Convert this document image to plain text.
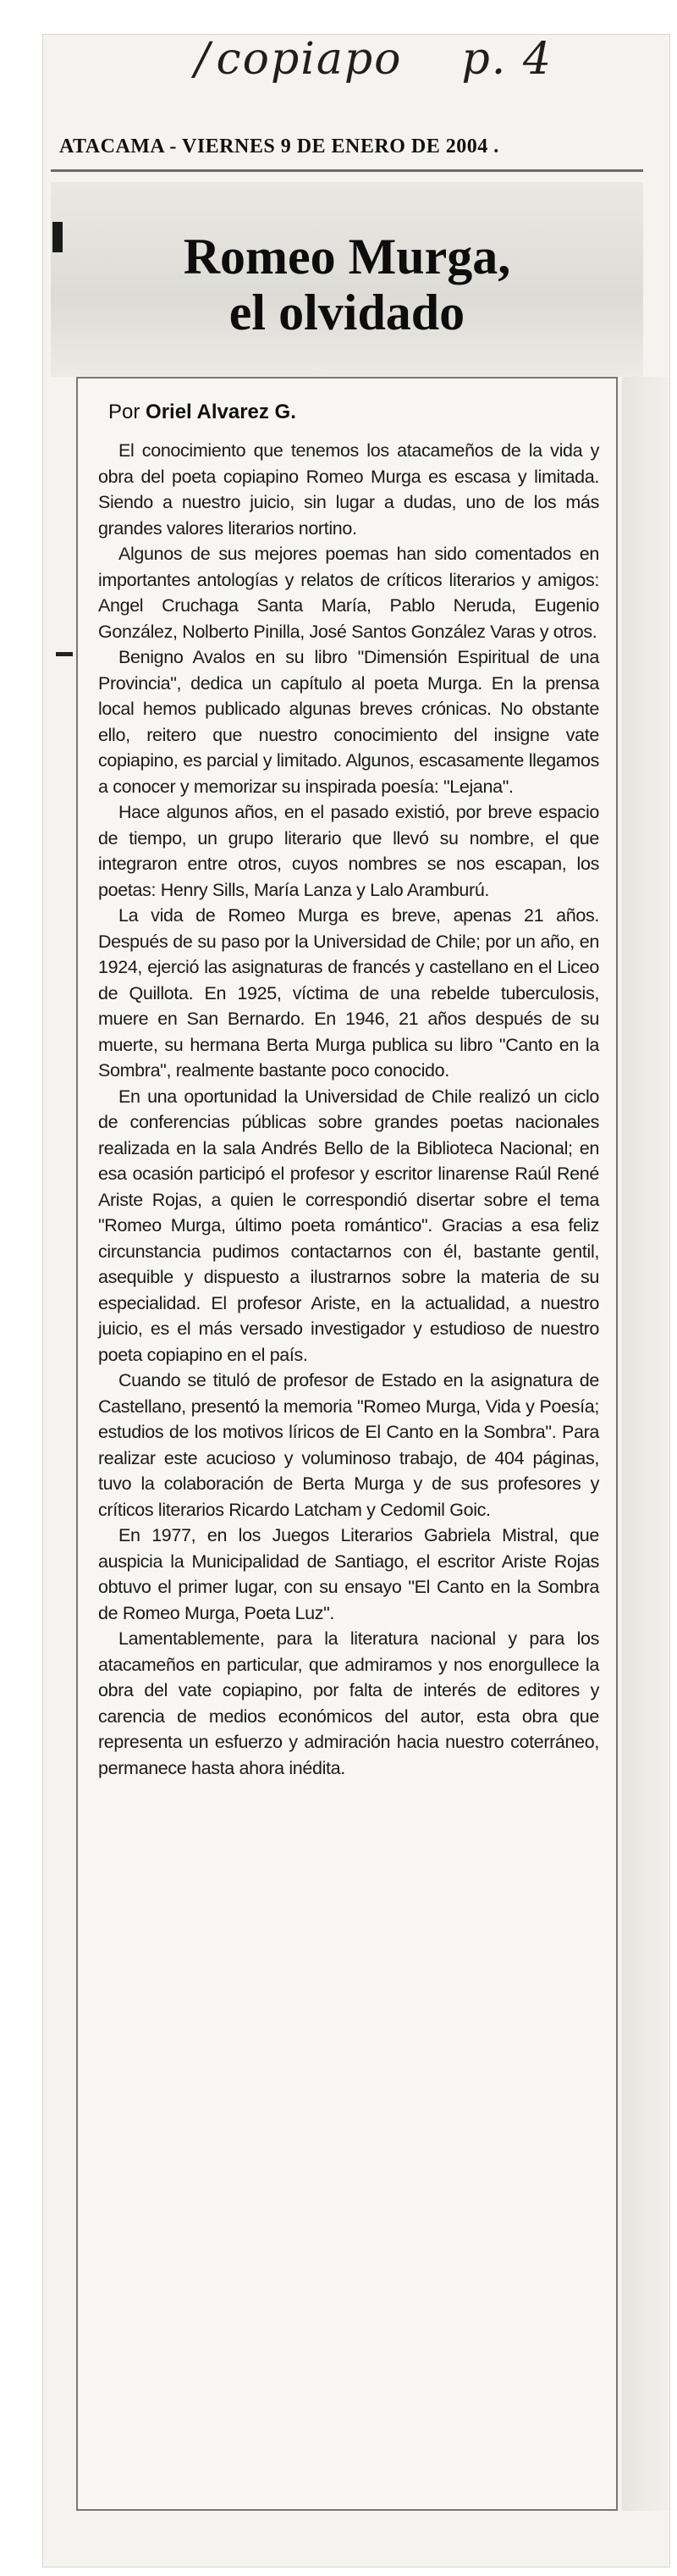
/ copiapo p. 4
ATACAMA - VIERNES 9 DE ENERO DE 2004 .
Romeo Murga,
el olvidado
Por Oriel Alvarez G.

El conocimiento que tenemos los atacameños de la vida y obra del poeta copiapino Romeo Murga es escasa y limitada. Siendo a nuestro juicio, sin lugar a dudas, uno de los más grandes valores literarios nortino.

Algunos de sus mejores poemas han sido comentados en importantes antologías y relatos de críticos literarios y amigos: Angel Cruchaga Santa María, Pablo Neruda, Eugenio González, Nolberto Pinilla, José Santos González Varas y otros.

Benigno Avalos en su libro "Dimensión Espiritual de una Provincia", dedica un capítulo al poeta Murga. En la prensa local hemos publicado algunas breves crónicas. No obstante ello, reitero que nuestro conocimiento del insigne vate copiapino, es parcial y limitado. Algunos, escasamente llegamos a conocer y memorizar su inspirada poesía: "Lejana".

Hace algunos años, en el pasado existió, por breve espacio de tiempo, un grupo literario que llevó su nombre, el que integraron entre otros, cuyos nombres se nos escapan, los poetas: Henry Sills, María Lanza y Lalo Aramburú.

La vida de Romeo Murga es breve, apenas 21 años. Después de su paso por la Universidad de Chile; por un año, en 1924, ejerció las asignaturas de francés y castellano en el Liceo de Quillota. En 1925, víctima de una rebelde tuberculosis, muere en San Bernardo. En 1946, 21 años después de su muerte, su hermana Berta Murga publica su libro "Canto en la Sombra", realmente bastante poco conocido.

En una oportunidad la Universidad de Chile realizó un ciclo de conferencias públicas sobre grandes poetas nacionales realizada en la sala Andrés Bello de la Biblioteca Nacional; en esa ocasión participó el profesor y escritor linarense Raúl René Ariste Rojas, a quien le correspondió disertar sobre el tema "Romeo Murga, último poeta romántico". Gracias a esa feliz circunstancia pudimos contactarnos con él, bastante gentil, asequible y dispuesto a ilustrarnos sobre la materia de su especialidad. El profesor Ariste, en la actualidad, a nuestro juicio, es el más versado investigador y estudioso de nuestro poeta copiapino en el país.

Cuando se tituló de profesor de Estado en la asignatura de Castellano, presentó la memoria "Romeo Murga, Vida y Poesía; estudios de los motivos líricos de El Canto en la Sombra". Para realizar este acucioso y voluminoso trabajo, de 404 páginas, tuvo la colaboración de Berta Murga y de sus profesores y críticos literarios Ricardo Latcham y Cedomil Goic.

En 1977, en los Juegos Literarios Gabriela Mistral, que auspicia la Municipalidad de Santiago, el escritor Ariste Rojas obtuvo el primer lugar, con su ensayo "El Canto en la Sombra de Romeo Murga, Poeta Luz".

Lamentablemente, para la literatura nacional y para los atacameños en particular, que admiramos y nos enorgullece la obra del vate copiapino, por falta de interés de editores y carencia de medios económicos del autor, esta obra que representa un esfuerzo y admiración hacia nuestro coterráneo, permanece hasta ahora inédita.
